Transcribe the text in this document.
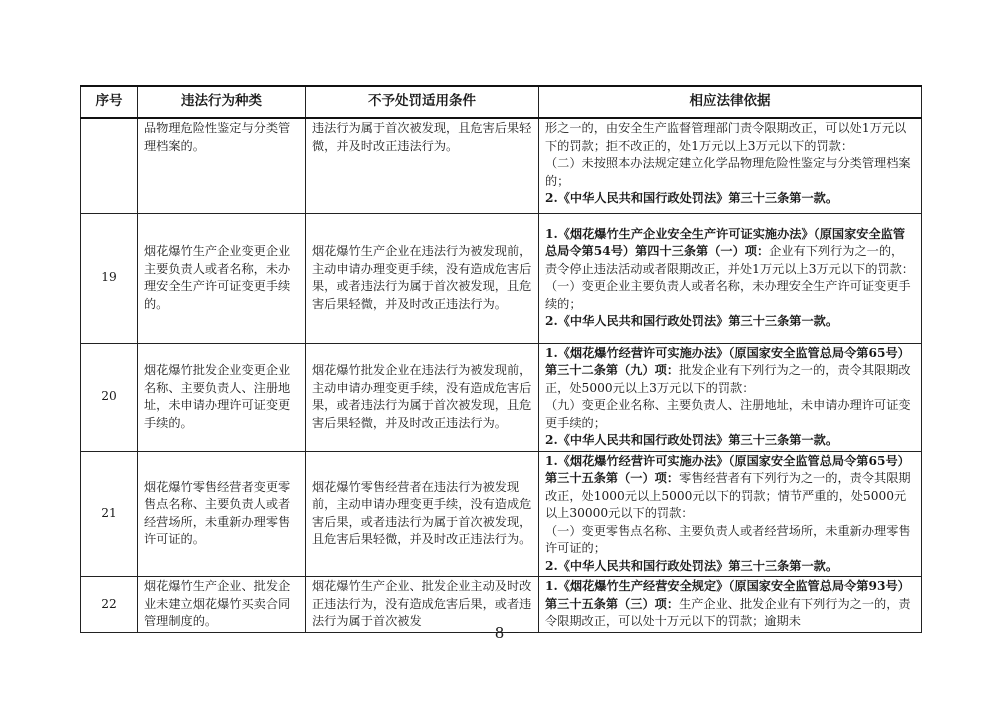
序号	违法行为种类	不予处罚适用条件	相应法律依据
	品物理危险性鉴定与分类管理档案的。	违法行为属于首次被发现，且危害后果轻微，并及时改正违法行为。	形之一的，由安全生产监督管理部门责令限期改正，可以处1万元以下的罚款；拒不改正的，处1万元以上3万元以下的罚款：
（二）未按照本办法规定建立化学品物理危险性鉴定与分类管理档案的；
2.《中华人民共和国行政处罚法》第三十三条第一款。

19	烟花爆竹生产企业变更企业主要负责人或者名称，未办理安全生产许可证变更手续的。	烟花爆竹生产企业在违法行为被发现前，主动申请办理变更手续，没有造成危害后果，或者违法行为属于首次被发现，且危害后果轻微，并及时改正违法行为。	1.《烟花爆竹生产企业安全生产许可证实施办法》（原国家安全监管总局令第54号）第四十三条第（一）项：企业有下列行为之一的，责令停止违法活动或者限期改正，并处1万元以上3万元以下的罚款：
（一）变更企业主要负责人或者名称，未办理安全生产许可证变更手续的；
2.《中华人民共和国行政处罚法》第三十三条第一款。

20	烟花爆竹批发企业变更企业名称、主要负责人、注册地址，未申请办理许可证变更手续的。	烟花爆竹批发企业在违法行为被发现前，主动申请办理变更手续，没有造成危害后果，或者违法行为属于首次被发现，且危害后果轻微，并及时改正违法行为。	1.《烟花爆竹经营许可实施办法》（原国家安全监管总局令第65号）第三十二条第（九）项：批发企业有下列行为之一的，责令其限期改正，处5000元以上3万元以下的罚款：
（九）变更企业名称、主要负责人、注册地址，未申请办理许可证变更手续的；
2.《中华人民共和国行政处罚法》第三十三条第一款。

21	烟花爆竹零售经营者变更零售点名称、主要负责人或者经营场所，未重新办理零售许可证的。	烟花爆竹零售经营者在违法行为被发现前，主动申请办理变更手续，没有造成危害后果，或者违法行为属于首次被发现，且危害后果轻微，并及时改正违法行为。	1.《烟花爆竹经营许可实施办法》（原国家安全监管总局令第65号）第三十五条第（一）项：零售经营者有下列行为之一的，责令其限期改正，处1000元以上5000元以下的罚款；情节严重的，处5000元以上30000元以下的罚款：
（一）变更零售点名称、主要负责人或者经营场所，未重新办理零售许可证的；
2.《中华人民共和国行政处罚法》第三十三条第一款。

22	烟花爆竹生产企业、批发企业未建立烟花爆竹买卖合同管理制度的。	烟花爆竹生产企业、批发企业主动及时改正违法行为，没有造成危害后果，或者违法行为属于首次被发	1.《烟花爆竹生产经营安全规定》（原国家安全监管总局令第93号）第三十五条第（三）项：生产企业、批发企业有下列行为之一的，责令限期改正，可以处十万元以下的罚款；逾期未
－8－
